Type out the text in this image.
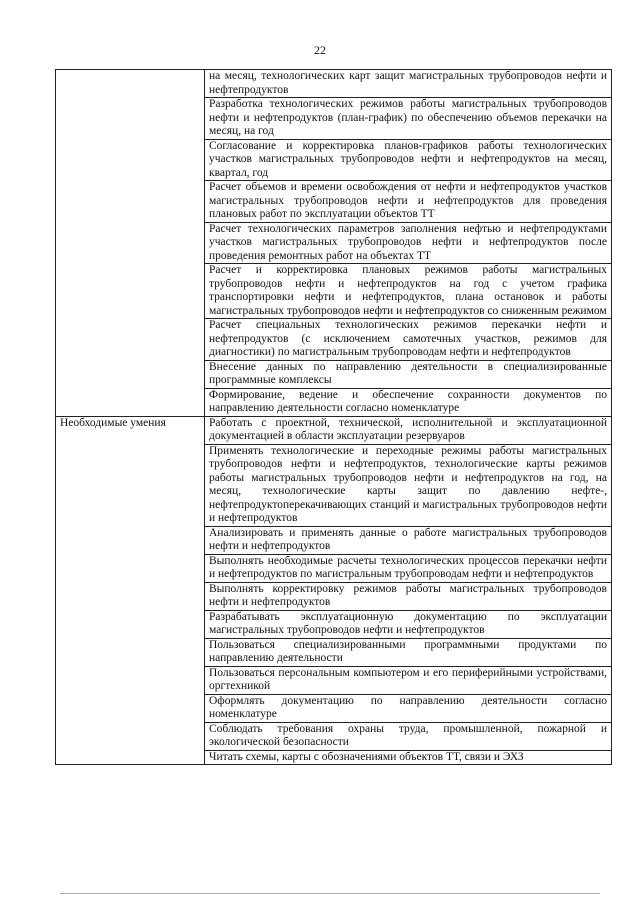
22
	на месяц, технологических карт защит магистральных трубопроводов нефти и нефтепродуктов
	Разработка технологических режимов работы магистральных трубопроводов нефти и нефтепродуктов (план-график) по обеспечению объемов перекачки на месяц, на год
	Согласование и корректировка планов-графиков работы технологических участков магистральных трубопроводов нефти и нефтепродуктов на месяц, квартал, год
	Расчет объемов и времени освобождения от нефти и нефтепродуктов участков магистральных трубопроводов нефти и нефтепродуктов для проведения плановых работ по эксплуатации объектов ТТ
	Расчет технологических параметров заполнения нефтью и нефтепродуктами участков магистральных трубопроводов нефти и нефтепродуктов после проведения ремонтных работ на объектах ТТ
	Расчет и корректировка плановых режимов работы магистральных трубопроводов нефти и нефтепродуктов на год с учетом графика транспортировки нефти и нефтепродуктов, плана остановок и работы магистральных трубопроводов нефти и нефтепродуктов со сниженным режимом
	Расчет специальных технологических режимов перекачки нефти и нефтепродуктов (с исключением самотечных участков, режимов для диагностики) по магистральным трубопроводам нефти и нефтепродуктов
	Внесение данных по направлению деятельности в специализированные программные комплексы
	Формирование, ведение и обеспечение сохранности документов по направлению деятельности согласно номенклатуре
Необходимые умения	Работать с проектной, технической, исполнительной и эксплуатационной документацией в области эксплуатации резервуаров
	Применять технологические и переходные режимы работы магистральных трубопроводов нефти и нефтепродуктов, технологические карты режимов работы магистральных трубопроводов нефти и нефтепродуктов на год, на месяц, технологические карты защит по давлению нефте-, нефтепродуктоперекачивающих станций и магистральных трубопроводов нефти и нефтепродуктов
	Анализировать и применять данные о работе магистральных трубопроводов нефти и нефтепродуктов
	Выполнять необходимые расчеты технологических процессов перекачки нефти и нефтепродуктов по магистральным трубопроводам нефти и нефтепродуктов
	Выполнять корректировку режимов работы магистральных трубопроводов нефти и нефтепродуктов
	Разрабатывать эксплуатационную документацию по эксплуатации магистральных трубопроводов нефти и нефтепродуктов
	Пользоваться специализированными программными продуктами по направлению деятельности
	Пользоваться персональным компьютером и его периферийными устройствами, оргтехникой
	Оформлять документацию по направлению деятельности согласно номенклатуре
	Соблюдать требования охраны труда, промышленной, пожарной и экологической безопасности
	Читать схемы, карты с обозначениями объектов ТТ, связи и ЭХЗ
